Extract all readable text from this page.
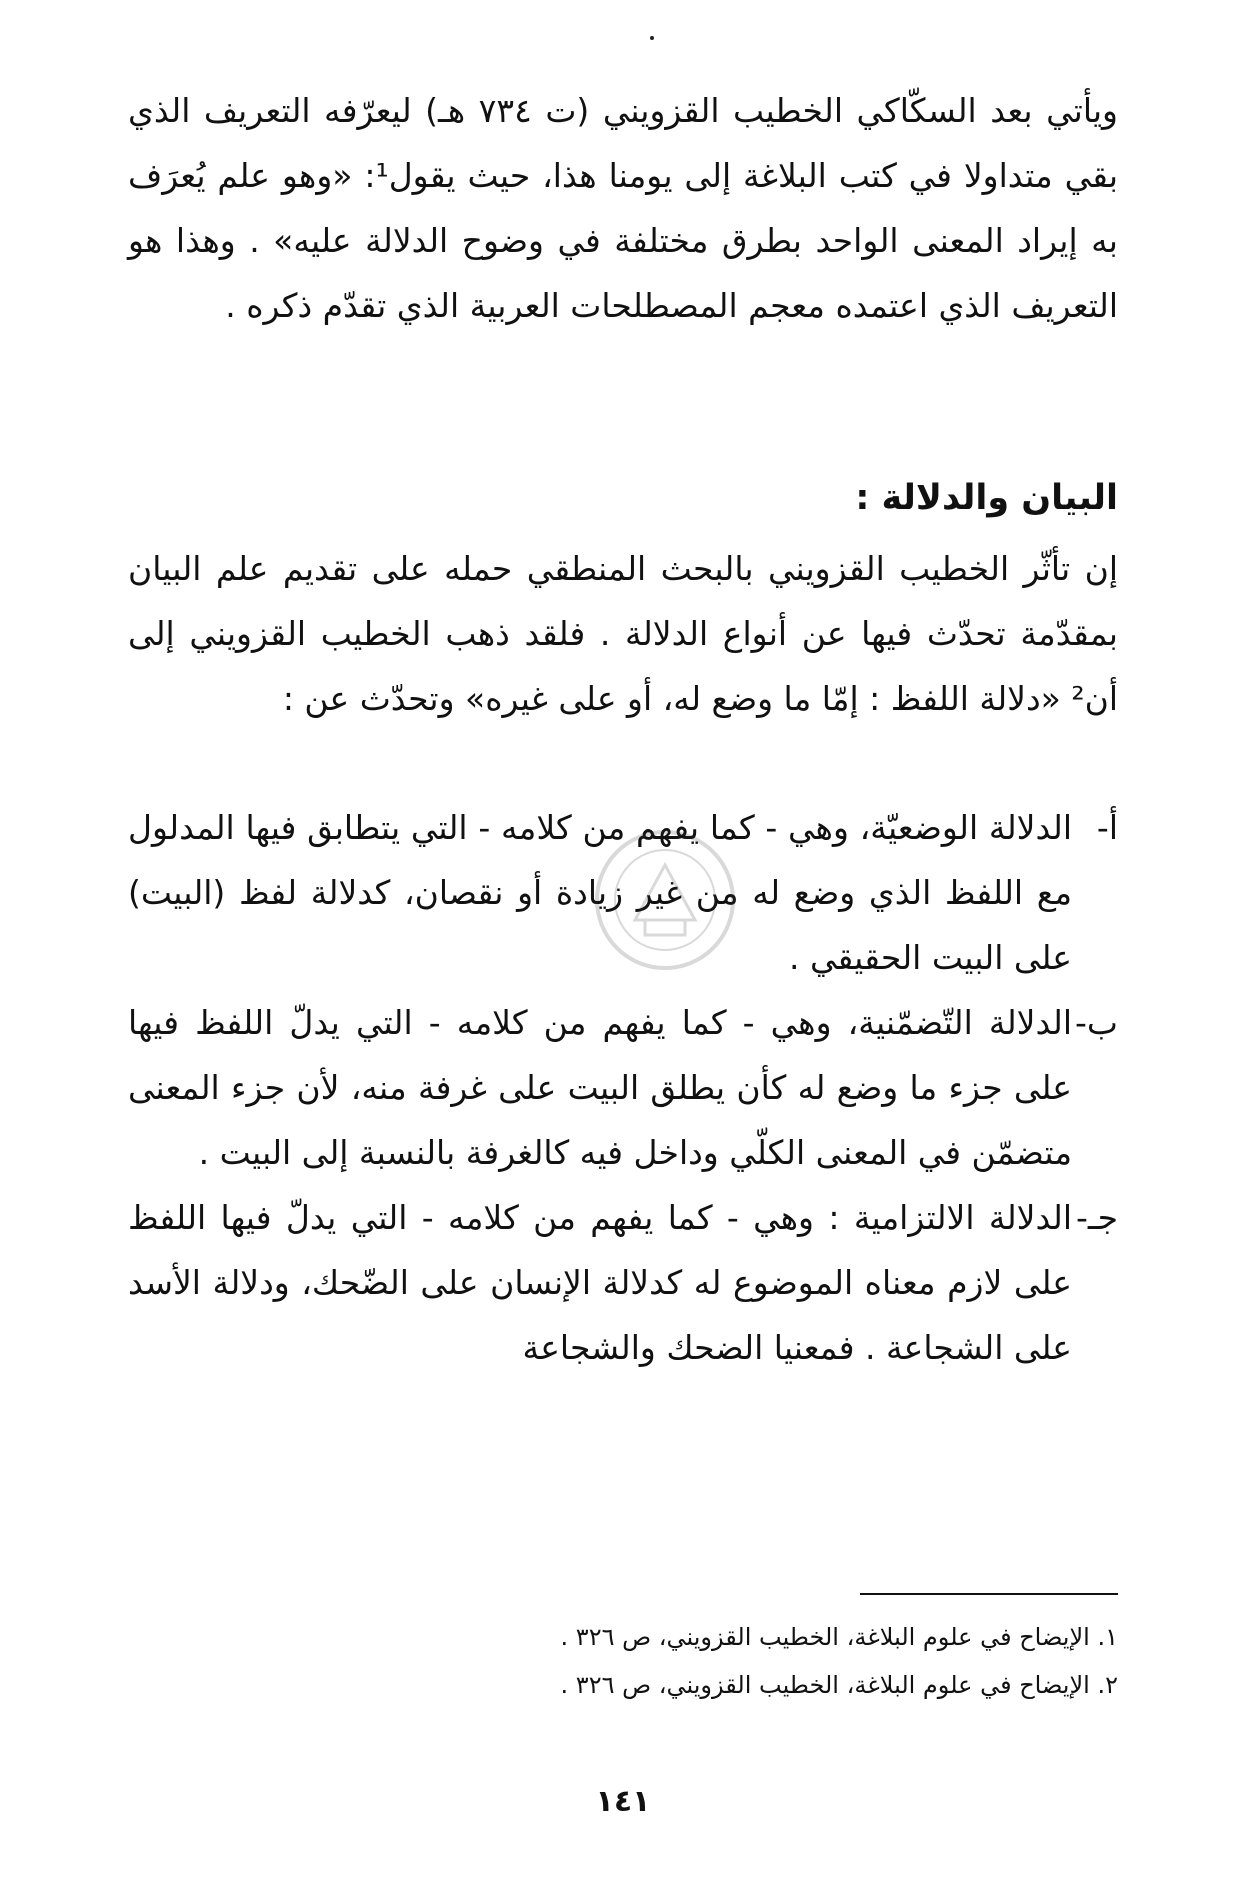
ويأتي بعد السكّاكي الخطيب القزويني (ت ٧٣٤ هـ) ليعرّفه التعريف الذي بقي متداولا في كتب البلاغة إلى يومنا هذا، حيث يقول¹: «وهو علم يُعرَف به إيراد المعنى الواحد بطرق مختلفة في وضوح الدلالة عليه» . وهذا هو التعريف الذي اعتمده معجم المصطلحات العربية الذي تقدّم ذكره .
البيان والدلالة :
إن تأثّر الخطيب القزويني بالبحث المنطقي حمله على تقديم علم البيان بمقدّمة تحدّث فيها عن أنواع الدلالة . فلقد ذهب الخطيب القزويني إلى أن² «دلالة اللفظ : إمّا ما وضع له، أو على غيره» وتحدّث عن :
أ-
الدلالة الوضعيّة، وهي - كما يفهم من كلامه - التي يتطابق فيها المدلول مع اللفظ الذي وضع له من غير زيادة أو نقصان، كدلالة لفظ (البيت) على البيت الحقيقي .
ب-
الدلالة التّضمّنية، وهي - كما يفهم من كلامه - التي يدلّ اللفظ فيها على جزء ما وضع له كأن يطلق البيت على غرفة منه، لأن جزء المعنى متضمّن في المعنى الكلّي وداخل فيه كالغرفة بالنسبة إلى البيت .
جـ-
الدلالة الالتزامية : وهي - كما يفهم من كلامه - التي يدلّ فيها اللفظ على لازم معناه الموضوع له كدلالة الإنسان على الضّحك، ودلالة الأسد على الشجاعة . فمعنيا الضحك والشجاعة
١. الإيضاح في علوم البلاغة، الخطيب القزويني، ص ٣٢٦ .
٢. الإيضاح في علوم البلاغة، الخطيب القزويني، ص ٣٢٦ .
١٤١
